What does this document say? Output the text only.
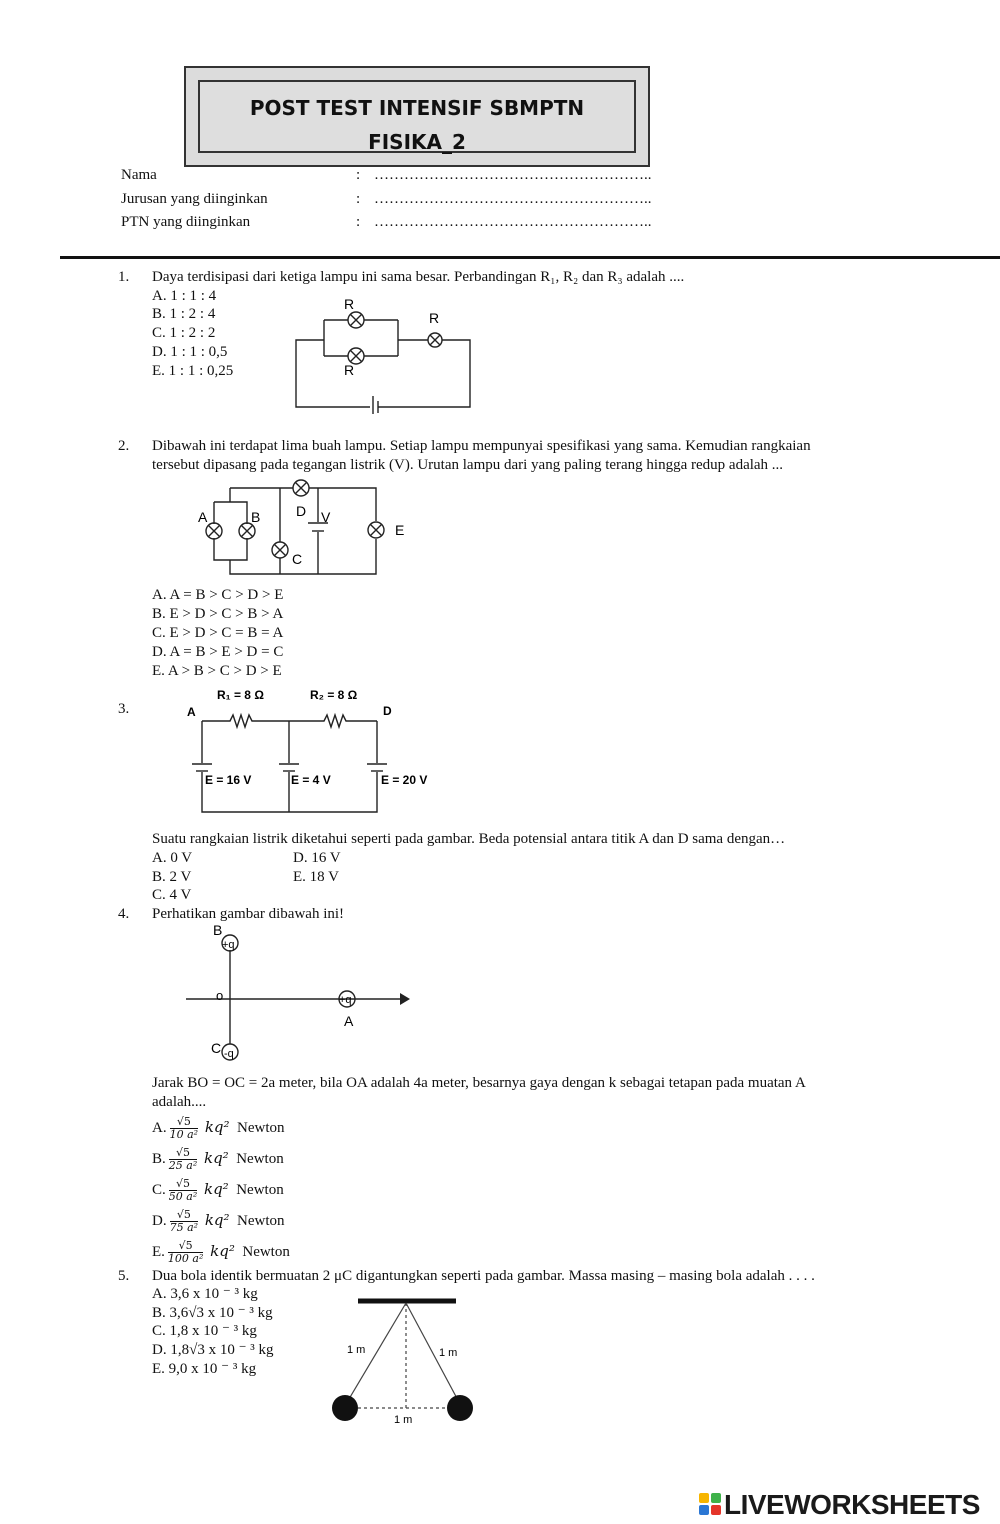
POST TEST INTENSIF SBMPTN
FISIKA_2
Nama	: ………………………………………………..
Jurusan yang diinginkan	: ………………………………………………..
PTN yang diinginkan	: ………………………………………………..
1. Daya terdisipasi dari ketiga lampu ini sama besar. Perbandingan R₁, R₂ dan R₃ adalah ....
A. 1 : 1 : 4
B. 1 : 2 : 4
C. 1 : 2 : 2
D. 1 : 1 : 0,5
E. 1 : 1 : 0,25
R
R
R
2. Dibawah ini terdapat lima buah lampu. Setiap lampu mempunyai spesifikasi yang sama. Kemudian rangkaian
tersebut dipasang pada tegangan listrik (V). Urutan lampu dari yang paling terang hingga redup adalah ...
A	B
C
D V
E
A. A = B > C > D > E
B. E > D > C > B > A
C. E > D > C = B = A
D. A = B > E > D = C
E. A > B > C > D > E
3.
R₁ = 8 Ω	R₂ = 8 Ω
A	D
E = 16 V	E = 4 V	E = 20 V
Suatu rangkaian listrik diketahui seperti pada gambar. Beda potensial antara titik A dan D sama dengan…
A. 0 V
B. 2 V
C. 4 V
D. 16 V
E. 18 V
4. Perhatikan gambar dibawah ini!
B
+q
o	+q
A
C -q
Jarak BO = OC = 2a meter, bila OA adalah 4a meter, besarnya gaya dengan k sebagai tetapan pada muatan A
adalah....
A. $\frac{√5}{\text{10 a²}} kq^2$ Newton
B. $\frac{√5}{\text{25 a²}} kq^2$ Newton
C. $\frac{√5}{\text{50 a²}} kq^2$ Newton
D. $\frac{√5}{\text{75 a²}} kq^2$ Newton
E. $\frac{√5}{\text{100 a²}} kq^2$ Newton
5. Dua bola identik bermuatan 2 μC digantungkan seperti pada gambar. Massa masing – masing bola adalah . . . .
A. 3,6 x 10 ⁻ ³ kg
B. 3,6√3 x 10 ⁻ ³ kg
C. 1,8 x 10 ⁻ ³ kg
D. 1,8√3 x 10 ⁻ ³ kg
E. 9,0 x 10 ⁻ ³ kg
1 m	1 m
1 m
LIVEWORKSHEETS
